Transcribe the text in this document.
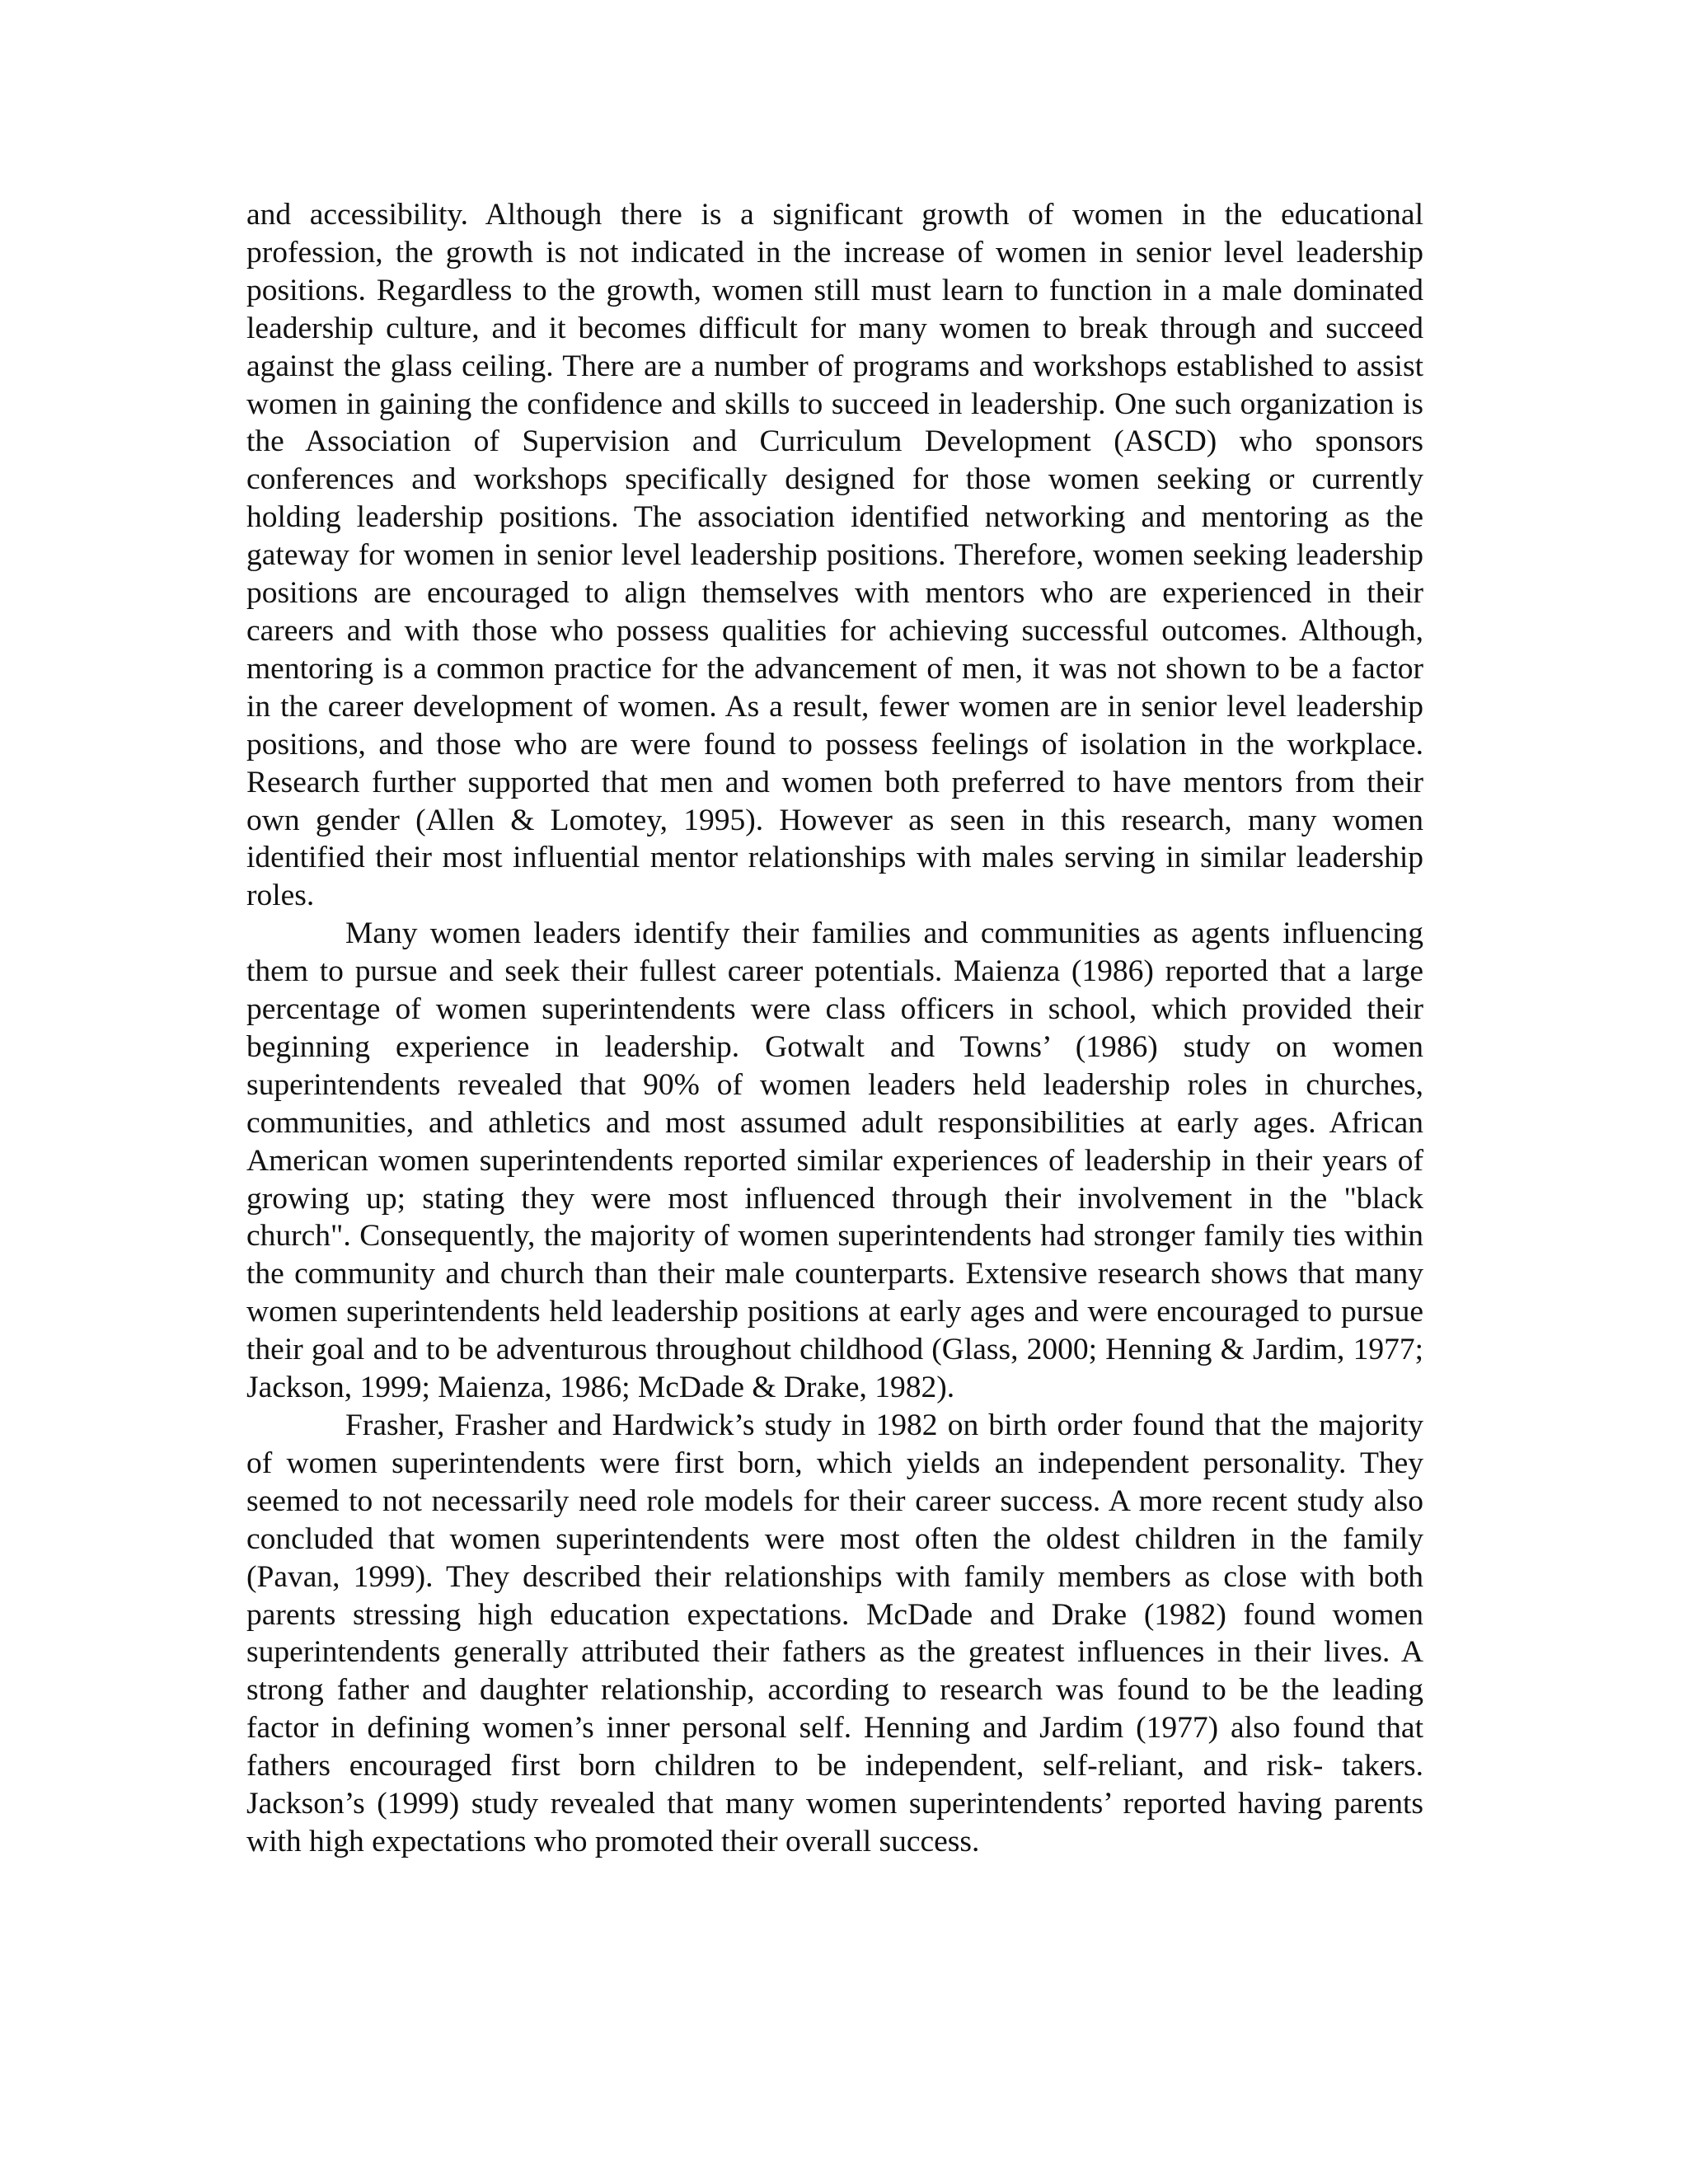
and accessibility. Although there is a significant growth of women in the educational profession, the growth is not indicated in the increase of women in senior level leadership positions. Regardless to the growth, women still must learn to function in a male dominated leadership culture, and it becomes difficult for many women to break through and succeed against the glass ceiling. There are a number of programs and workshops established to assist women in gaining the confidence and skills to succeed in leadership. One such organization is the Association of Supervision and Curriculum Development (ASCD) who sponsors conferences and workshops specifically designed for those women seeking or currently holding leadership positions. The association identified networking and mentoring as the gateway for women in senior level leadership positions. Therefore, women seeking leadership positions are encouraged to align themselves with mentors who are experienced in their careers and with those who possess qualities for achieving successful outcomes. Although, mentoring is a common practice for the advancement of men, it was not shown to be a factor in the career development of women. As a result, fewer women are in senior level leadership positions, and those who are were found to possess feelings of isolation in the workplace. Research further supported that men and women both preferred to have mentors from their own gender (Allen & Lomotey, 1995). However as seen in this research, many women identified their most influential mentor relationships with males serving in similar leadership roles.

Many women leaders identify their families and communities as agents influencing them to pursue and seek their fullest career potentials. Maienza (1986) reported that a large percentage of women superintendents were class officers in school, which provided their beginning experience in leadership. Gotwalt and Towns’ (1986) study on women superintendents revealed that 90% of women leaders held leadership roles in churches, communities, and athletics and most assumed adult responsibilities at early ages. African American women superintendents reported similar experiences of leadership in their years of growing up; stating they were most influenced through their involvement in the "black church". Consequently, the majority of women superintendents had stronger family ties within the community and church than their male counterparts. Extensive research shows that many women superintendents held leadership positions at early ages and were encouraged to pursue their goal and to be adventurous throughout childhood (Glass, 2000; Henning & Jardim, 1977; Jackson, 1999; Maienza, 1986; McDade & Drake, 1982).

Frasher, Frasher and Hardwick’s study in 1982 on birth order found that the majority of women superintendents were first born, which yields an independent personality. They seemed to not necessarily need role models for their career success. A more recent study also concluded that women superintendents were most often the oldest children in the family (Pavan, 1999). They described their relationships with family members as close with both parents stressing high education expectations. McDade and Drake (1982) found women superintendents generally attributed their fathers as the greatest influences in their lives. A strong father and daughter relationship, according to research was found to be the leading factor in defining women’s inner personal self. Henning and Jardim (1977) also found that fathers encouraged first born children to be independent, self-reliant, and risk- takers. Jackson’s (1999) study revealed that many women superintendents’ reported having parents with high expectations who promoted their overall success.
